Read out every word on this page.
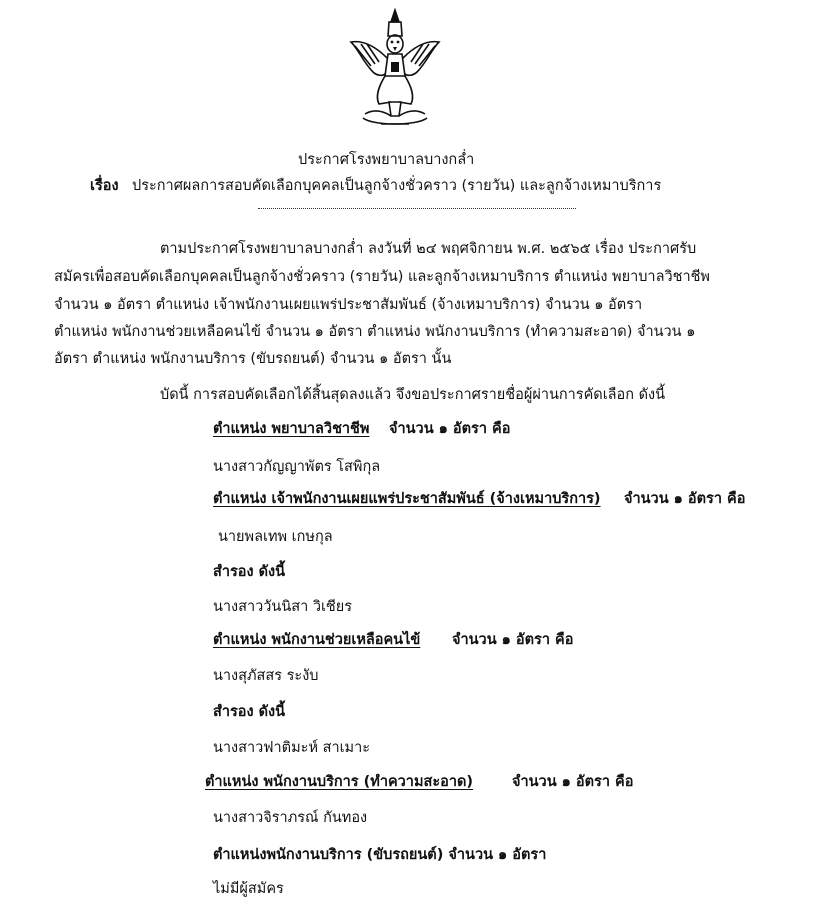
ประกาศโรงพยาบาลบางกล่ำ
เรื่อง ประกาศผลการสอบคัดเลือกบุคคลเป็นลูกจ้างชั่วคราว (รายวัน) และลูกจ้างเหมาบริการ
ตามประกาศโรงพยาบาลบางกล่ำ ลงวันที่ ๒๔ พฤศจิกายน พ.ศ. ๒๕๖๕ เรื่อง ประกาศรับ
สมัครเพื่อสอบคัดเลือกบุคคลเป็นลูกจ้างชั่วคราว (รายวัน) และลูกจ้างเหมาบริการ ตำแหน่ง พยาบาลวิชาชีพ
จำนวน ๑ อัตรา ตำแหน่ง เจ้าพนักงานเผยแพร่ประชาสัมพันธ์ (จ้างเหมาบริการ) จำนวน ๑ อัตรา
ตำแหน่ง พนักงานช่วยเหลือคนไข้ จำนวน ๑ อัตรา ตำแหน่ง พนักงานบริการ (ทำความสะอาด) จำนวน ๑
อัตรา ตำแหน่ง พนักงานบริการ (ขับรถยนต์) จำนวน ๑ อัตรา นั้น
บัดนี้ การสอบคัดเลือกได้สิ้นสุดลงแล้ว จึงขอประกาศรายชื่อผู้ผ่านการคัดเลือก ดังนี้
ตำแหน่ง พยาบาลวิชาชีพ จำนวน ๑ อัตรา คือ
นางสาวกัญญาพัตร โสพิกุล
ตำแหน่ง เจ้าพนักงานเผยแพร่ประชาสัมพันธ์ (จ้างเหมาบริการ) จำนวน ๑ อัตรา คือ
นายพลเทพ เกษกุล
สำรอง ดังนี้
นางสาววันนิสา วิเชียร
ตำแหน่ง พนักงานช่วยเหลือคนไข้ จำนวน ๑ อัตรา คือ
นางสุภัสสร ระงับ
สำรอง ดังนี้
นางสาวฟาติมะห์ สาเมาะ
ตำแหน่ง พนักงานบริการ (ทำความสะอาด)	จำนวน ๑ อัตรา คือ
นางสาวจิราภรณ์ กันทอง
ตำแหน่งพนักงานบริการ (ขับรถยนต์) จำนวน ๑ อัตรา
ไม่มีผู้สมัคร
